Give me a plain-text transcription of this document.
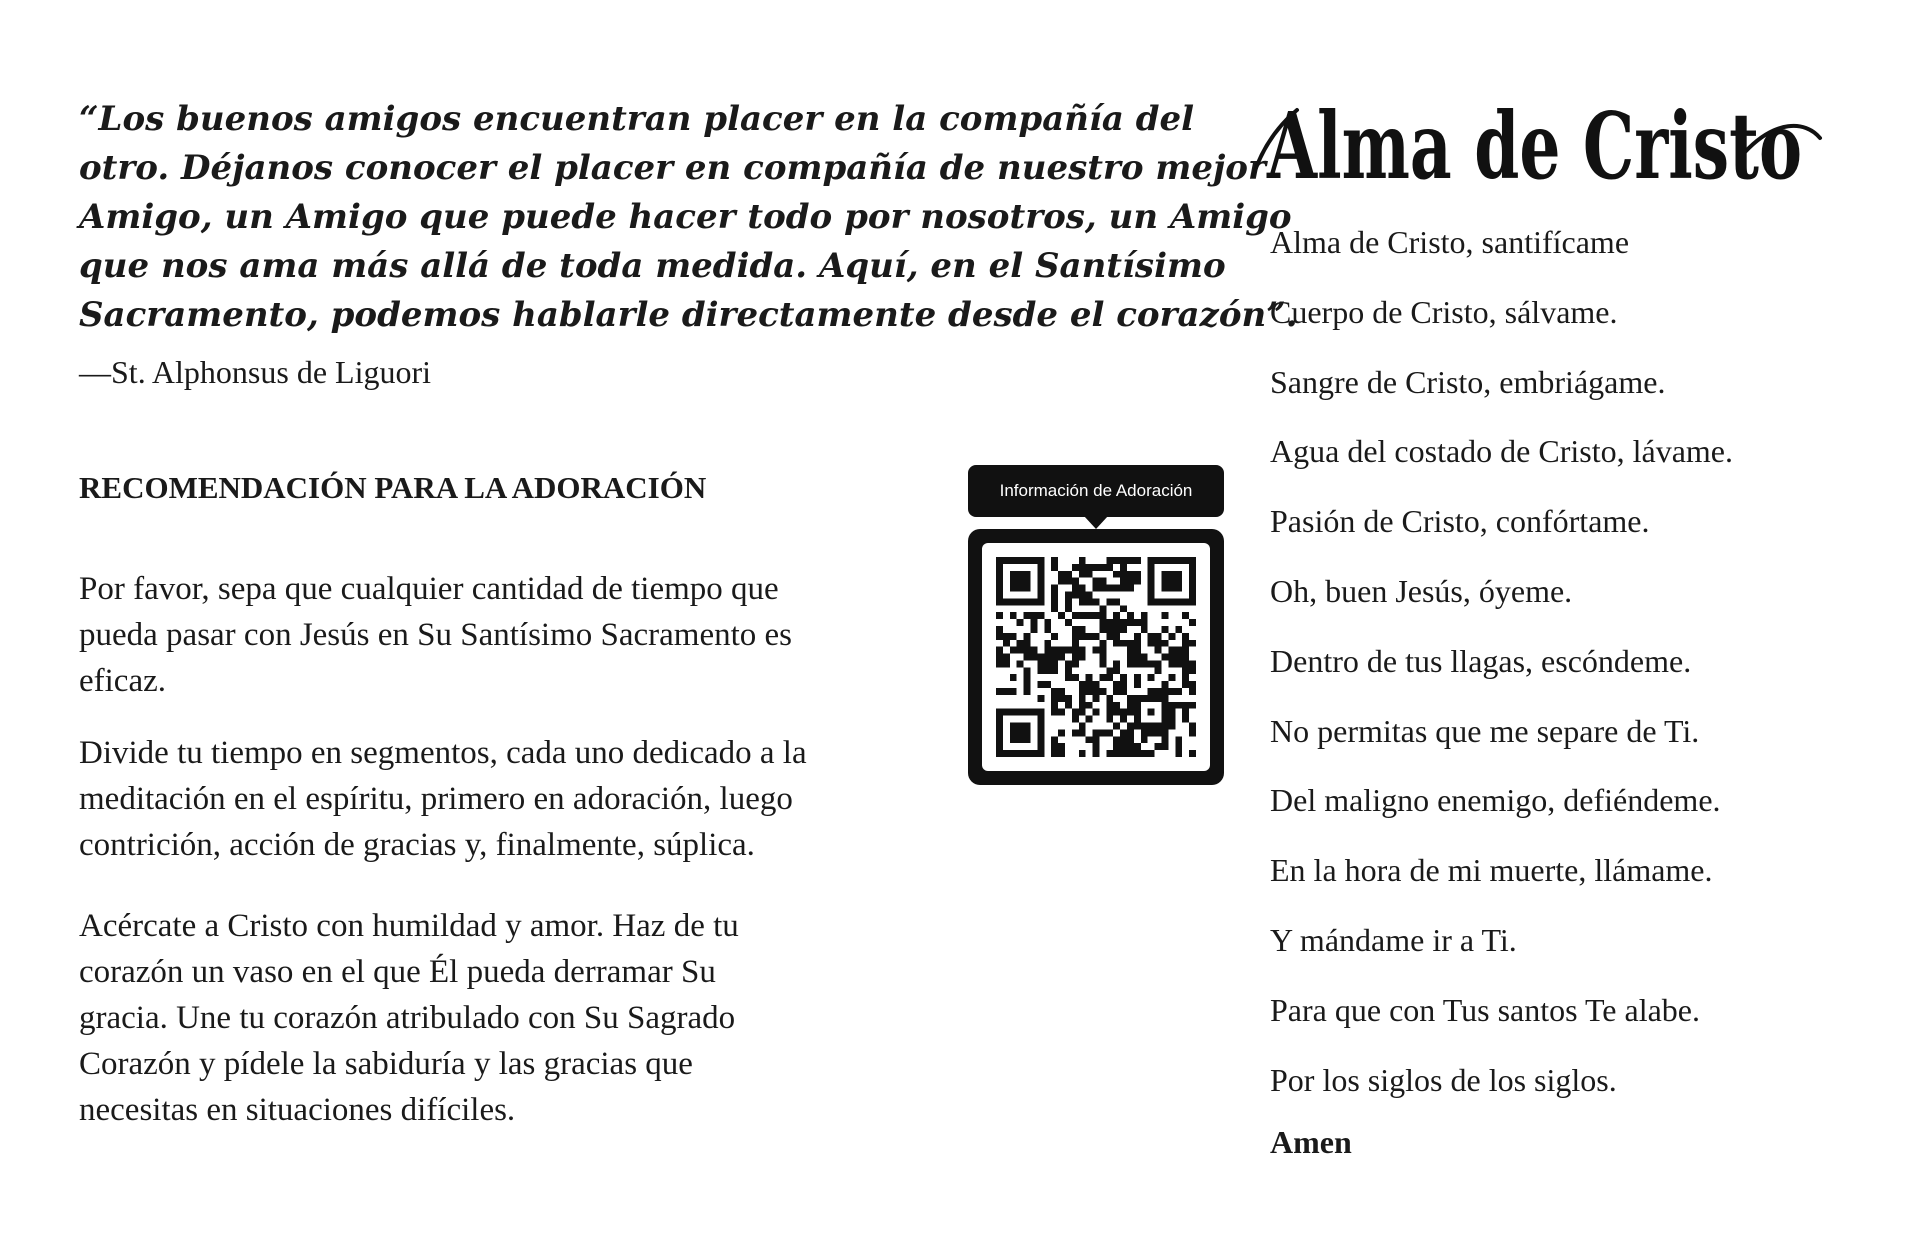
“Los buenos amigos encuentran placer en la compañía del
otro. Déjanos conocer el placer en compañía de nuestro mejor
Amigo, un Amigo que puede hacer todo por nosotros, un Amigo
que nos ama más allá de toda medida. Aquí, en el Santísimo
Sacramento, podemos hablarle directamente desde el corazón”.

—St. Alphonsus de Liguori
RECOMENDACIÓN PARA LA ADORACIÓN

Por favor, sepa que cualquier cantidad de tiempo que
pueda pasar con Jesús en Su Santísimo Sacramento es
eficaz.

Divide tu tiempo en segmentos, cada uno dedicado a la
meditación en el espíritu, primero en adoración, luego
contrición, acción de gracias y, finalmente, súplica.

Acércate a Cristo con humildad y amor. Haz de tu
corazón un vaso en el que Él pueda derramar Su
gracia. Une tu corazón atribulado con Su Sagrado
Corazón y pídele la sabiduría y las gracias que
necesitas en situaciones difíciles.

Información de Adoración
Alma de Cristo
Alma de Cristo, santifícame
Cuerpo de Cristo, sálvame.
Sangre de Cristo, embriágame.
Agua del costado de Cristo, lávame.
Pasión de Cristo, confórtame.
Oh, buen Jesús, óyeme.
Dentro de tus llagas, escóndeme.
No permitas que me separe de Ti.
Del maligno enemigo, defiéndeme.
En la hora de mi muerte, llámame.
Y mándame ir a Ti.
Para que con Tus santos Te alabe.
Por los siglos de los siglos.
Amen
